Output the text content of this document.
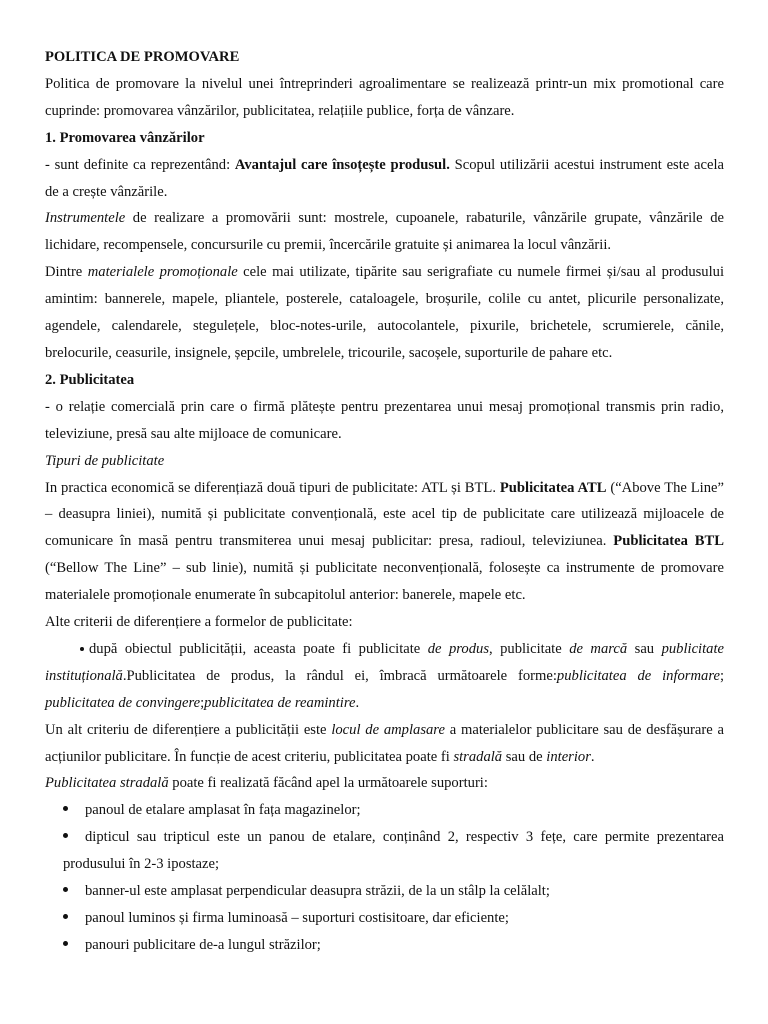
POLITICA DE PROMOVARE

Politica de promovare la nivelul unei întreprinderi agroalimentare se realizează printr-un mix promotional care cuprinde: promovarea vânzărilor, publicitatea, relațiile publice, forța de vânzare.

1. Promovarea vânzărilor

- sunt definite ca reprezentând: Avantajul care însoțește produsul. Scopul utilizării acestui instrument este acela de a crește vânzările.

Instrumentele de realizare a promovării sunt: mostrele, cupoanele, rabaturile, vânzările grupate, vânzările de lichidare, recompensele, concursurile cu premii, încercările gratuite și animarea la locul vânzării.

Dintre materialele promoționale cele mai utilizate, tipărite sau serigrafiate cu numele firmei și/sau al produsului amintim: bannerele, mapele, pliantele, posterele, cataloagele, broșurile, colile cu antet, plicurile personalizate, agendele, calendarele, stegulețele, bloc-notes-urile, autocolantele, pixurile, brichetele, scrumierele, cănile, brelocurile, ceasurile, insignele, șepcile, umbrelele, tricourile, sacoșele, suporturile de pahare etc.

2. Publicitatea

- o relație comercială prin care o firmă plătește pentru prezentarea unui mesaj promoțional transmis prin radio, televiziune, presă sau alte mijloace de comunicare.

Tipuri de publicitate

In practica economică se diferențiază două tipuri de publicitate: ATL și BTL. Publicitatea ATL (“Above The Line” – deasupra liniei), numită și publicitate convențională, este acel tip de publicitate care utilizează mijloacele de comunicare în masă pentru transmiterea unui mesaj publicitar: presa, radioul, televiziunea. Publicitatea BTL (“Bellow The Line” – sub linie), numită și publicitate neconvențională, folosește ca instrumente de promovare materialele promoționale enumerate în subcapitolul anterior: banerele, mapele etc.

Alte criterii de diferențiere a formelor de publicitate:

după obiectul publicității, aceasta poate fi publicitate de produs, publicitate de marcă sau publicitate instituțională.Publicitatea de produs, la rândul ei, îmbracă următoarele forme:publicitatea de informare; publicitatea de convingere;publicitatea de reamintire.

Un alt criteriu de diferențiere a publicității este locul de amplasare a materialelor publicitare sau de desfășurare a acțiunilor publicitare. În funcție de acest criteriu, publicitatea poate fi stradală sau de interior.

Publicitatea stradală poate fi realizată făcând apel la următoarele suporturi:

panoul de etalare amplasat în fața magazinelor;

dipticul sau tripticul este un panou de etalare, conținând 2, respectiv 3 fețe, care permite prezentarea produsului în 2-3 ipostaze;

banner-ul este amplasat perpendicular deasupra străzii, de la un stâlp la celălalt;

panoul luminos și firma luminoasă – suporturi costisitoare, dar eficiente;

panouri publicitare de-a lungul străzilor;
